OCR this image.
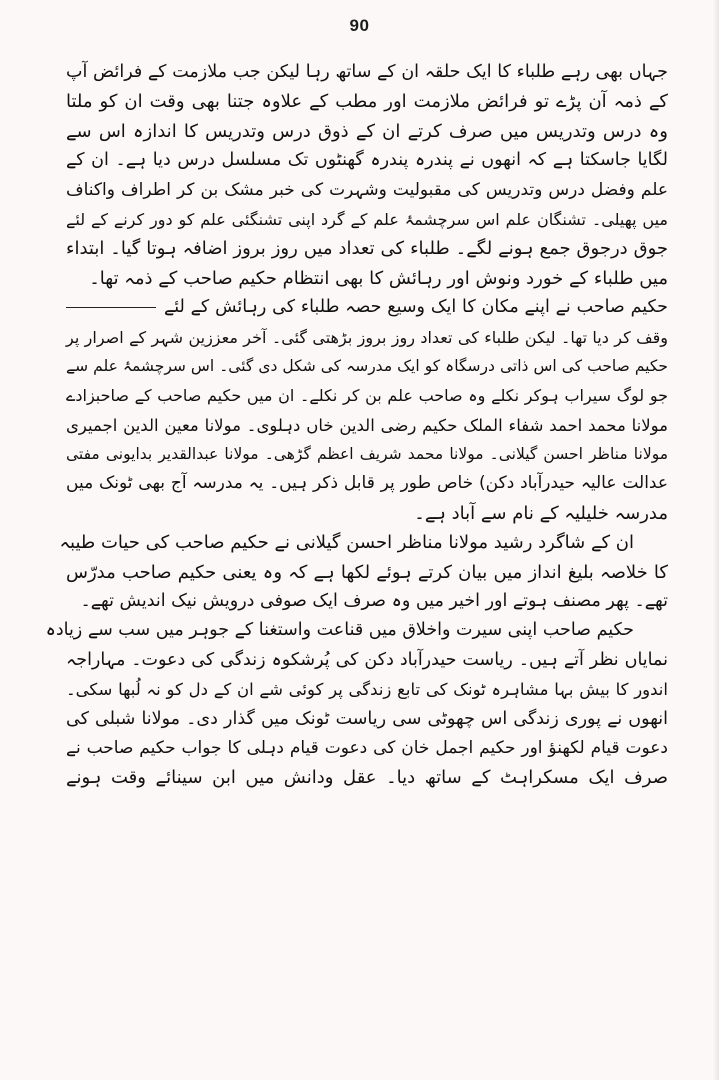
90
جہاں بھی رہے طلباء کا ایک حلقہ ان کے ساتھ رہا لیکن جب ملازمت کے فرائض آپ
کے ذمہ آن پڑے تو فرائض ملازمت اور مطب کے علاوہ جتنا بھی وقت ان کو ملتا
وہ درس وتدریس میں صرف کرتے ان کے ذوق درس وتدریس کا اندازہ اس سے
لگایا جاسکتا ہے کہ انھوں نے پندرہ پندرہ گھنٹوں تک مسلسل درس دیا ہے۔ ان کے
علم وفضل درس وتدریس کی مقبولیت وشہرت کی خبر مشک بن کر اطراف واکناف
میں پھیلی۔ تشنگان علم اس سرچشمۂ علم کے گرد اپنی تشنگئی علم کو دور کرنے کے لئے
جوق درجوق جمع ہونے لگے۔ طلباء کی تعداد میں روز بروز اضافہ ہوتا گیا۔ ابتداء
میں طلباء کے خورد ونوش اور رہائش کا بھی انتظام حکیم صاحب کے ذمہ تھا۔
حکیم صاحب نے اپنے مکان کا ایک وسیع حصہ طلباء کی رہائش کے لئے
وقف کر دیا تھا۔ لیکن طلباء کی تعداد روز بروز بڑھتی گئی۔ آخر معززین شہر کے اصرار پر
حکیم صاحب کی اس ذاتی درسگاہ کو ایک مدرسہ کی شکل دی گئی۔ اس سرچشمۂ علم سے
جو لوگ سیراب ہوکر نکلے وہ صاحب علم بن کر نکلے۔ ان میں حکیم صاحب کے صاحبزادے
مولانا محمد احمد شفاء الملک حکیم رضی الدین خاں دہلوی۔ مولانا معین الدین اجمیری
مولانا مناظر احسن گیلانی۔ مولانا محمد شریف اعظم گڑھی۔ مولانا عبدالقدیر بدایونی مفتی
عدالت عالیہ حیدرآباد دکن) خاص طور پر قابل ذکر ہیں۔ یہ مدرسہ آج بھی ٹونک میں
مدرسہ خلیلیہ کے نام سے آباد ہے۔
ان کے شاگرد رشید مولانا مناظر احسن گیلانی نے حکیم صاحب کی حیات طیبہ
کا خلاصہ بلیغ انداز میں بیان کرتے ہوئے لکھا ہے کہ وہ یعنی حکیم صاحب مدرّس
تھے۔ پھر مصنف ہوتے اور اخیر میں وہ صرف ایک صوفی درویش نیک اندیش تھے۔
حکیم صاحب اپنی سیرت واخلاق میں قناعت واستغنا کے جوہر میں سب سے زیادہ
نمایاں نظر آتے ہیں۔ ریاست حیدرآباد دکن کی پُرشکوہ زندگی کی دعوت۔ مہاراجہ
اندور کا بیش بہا مشاہرہ ٹونک کی تابع زندگی پر کوئی شے ان کے دل کو نہ لُبھا سکی۔
انھوں نے پوری زندگی اس چھوٹی سی ریاست ٹونک میں گذار دی۔ مولانا شبلی کی
دعوت قیام لکھنؤ اور حکیم اجمل خان کی دعوت قیام دہلی کا جواب حکیم صاحب نے
صرف ایک مسکراہٹ کے ساتھ دیا۔ عقل ودانش میں ابن سینائے وقت ہونے
